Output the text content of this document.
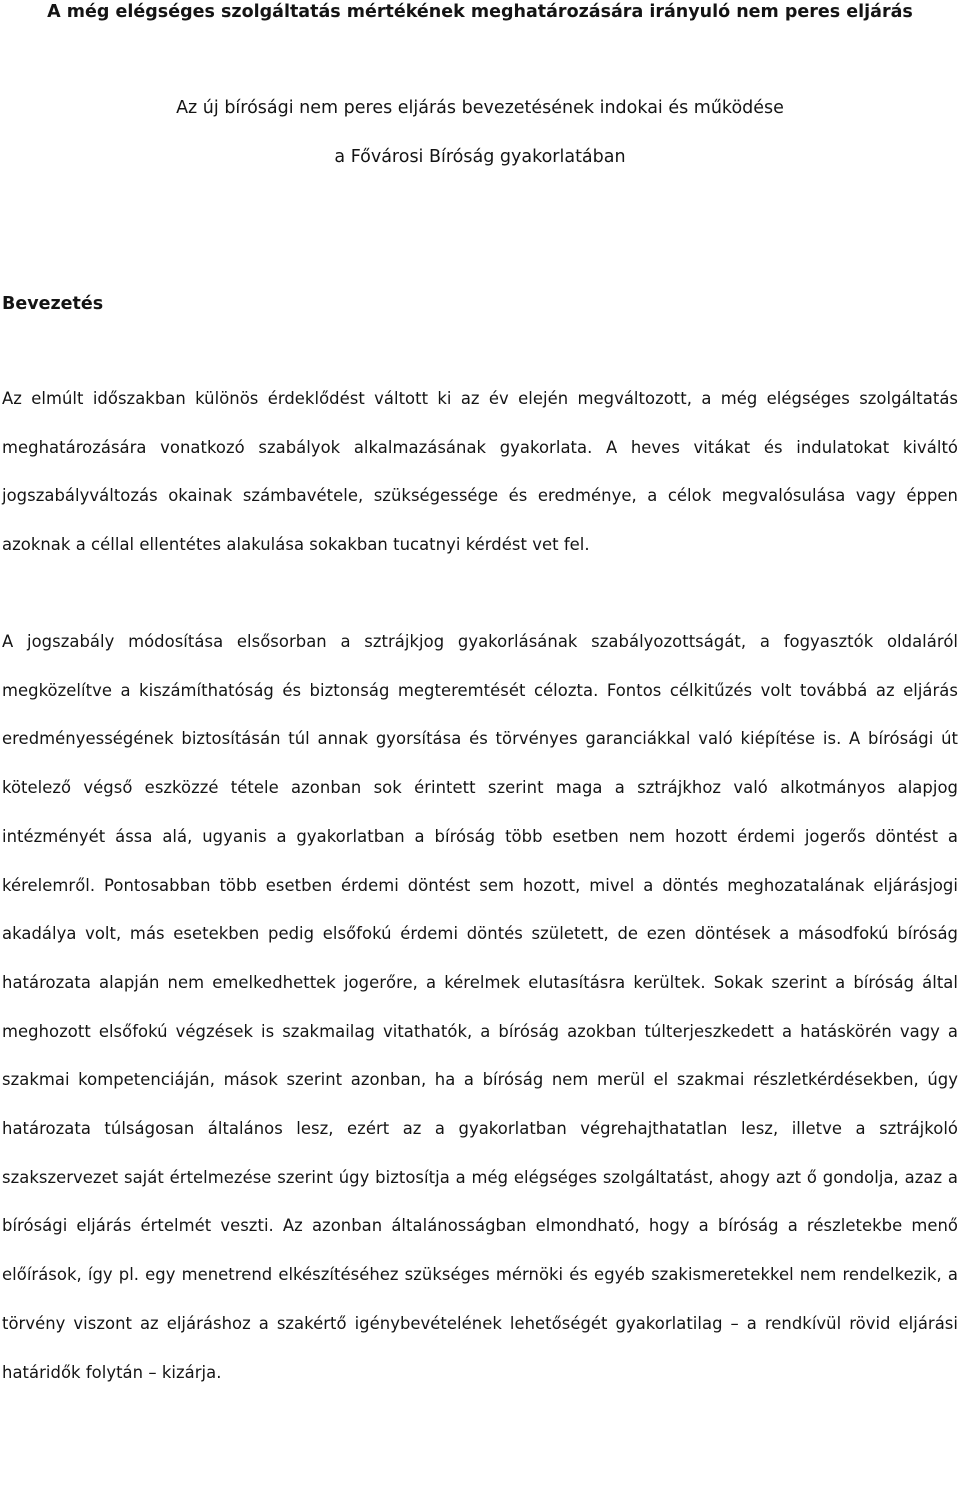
A még elégséges szolgáltatás mértékének meghatározására irányuló nem peres eljárás

Az új bírósági nem peres eljárás bevezetésének indokai és működése

a Fővárosi Bíróság gyakorlatában

Bevezetés

Az elmúlt időszakban különös érdeklődést váltott ki az év elején megváltozott, a még elégséges szolgáltatás meghatározására vonatkozó szabályok alkalmazásának gyakorlata. A heves vitákat és indulatokat kiváltó jogszabályváltozás okainak számbavétele, szükségessége és eredménye, a célok megvalósulása vagy éppen azoknak a céllal ellentétes alakulása sokakban tucatnyi kérdést vet fel.

A jogszabály módosítása elsősorban a sztrájkjog gyakorlásának szabályozottságát, a fogyasztók oldaláról megközelítve a kiszámíthatóság és biztonság megteremtését célozta. Fontos célkitűzés volt továbbá az eljárás eredményességének biztosításán túl annak gyorsítása és törvényes garanciákkal való kiépítése is. A bírósági út kötelező végső eszközzé tétele azonban sok érintett szerint maga a sztrájkhoz való alkotmányos alapjog intézményét ássa alá, ugyanis a gyakorlatban a bíróság több esetben nem hozott érdemi jogerős döntést a kérelemről. Pontosabban több esetben érdemi döntést sem hozott, mivel a döntés meghozatalának eljárásjogi akadálya volt, más esetekben pedig elsőfokú érdemi döntés született, de ezen döntések a másodfokú bíróság határozata alapján nem emelkedhettek jogerőre, a kérelmek elutasításra kerültek. Sokak szerint a bíróság által meghozott elsőfokú végzések is szakmailag vitathatók, a bíróság azokban túlterjeszkedett a hatáskörén vagy a szakmai kompetenciáján, mások szerint azonban, ha a bíróság nem merül el szakmai részletkérdésekben, úgy határozata túlságosan általános lesz, ezért az a gyakorlatban végrehajthatatlan lesz, illetve a sztrájkoló szakszervezet saját értelmezése szerint úgy biztosítja a még elégséges szolgáltatást, ahogy azt ő gondolja, azaz a bírósági eljárás értelmét veszti. Az azonban általánosságban elmondható, hogy a bíróság a részletekbe menő előírások, így pl. egy menetrend elkészítéséhez szükséges mérnöki és egyéb szakismeretekkel nem rendelkezik, a törvény viszont az eljáráshoz a szakértő igénybevételének lehetőségét gyakorlatilag – a rendkívül rövid eljárási határidők folytán – kizárja.
